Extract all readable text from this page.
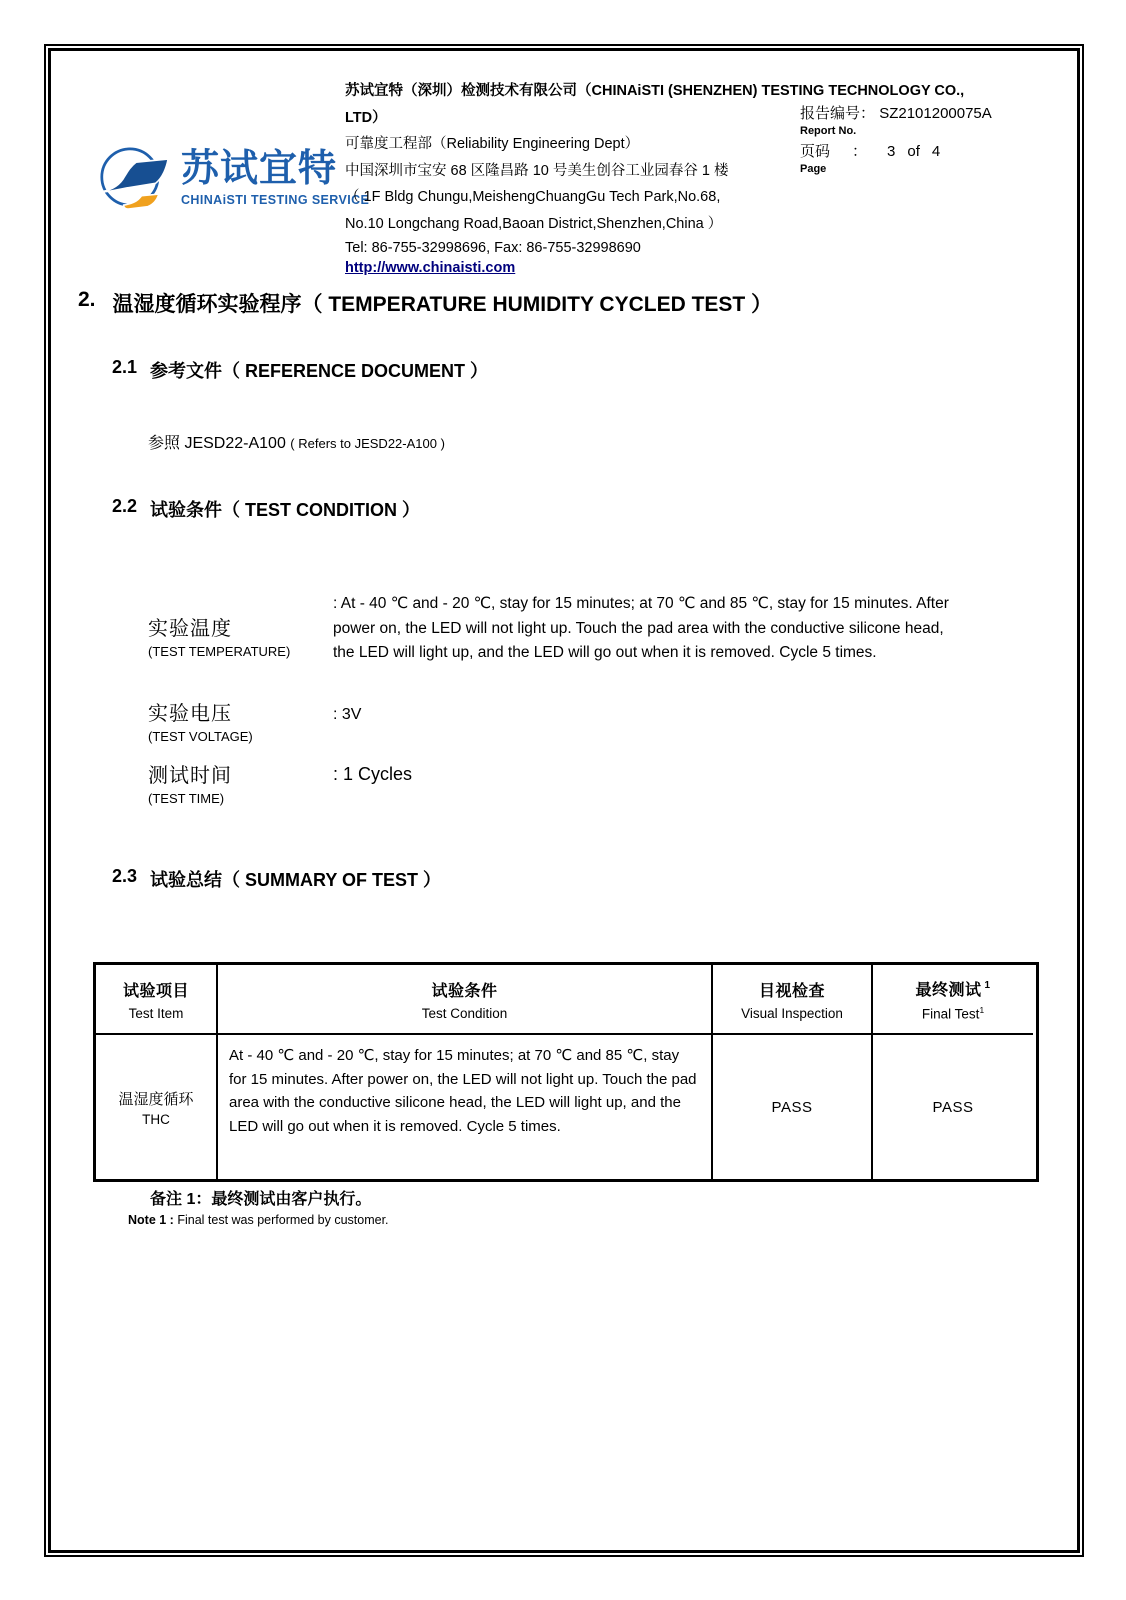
苏试宜特
CHINAiSTI TESTING SERVICE
苏试宜特（深圳）检测技术有限公司（CHINAiSTI (SHENZHEN) TESTING TECHNOLOGY CO.,
LTD）
可靠度工程部（Reliability Engineering Dept）
中国深圳市宝安 68 区隆昌路 10 号美生创谷工业园春谷 1 楼
（ 1F Bldg Chungu,MeishengChuangGu Tech Park,No.68,
No.10 Longchang Road,Baoan District,Shenzhen,China ）
Tel: 86-755-32998696, Fax: 86-755-32998690
http://www.chinaisti.com
报告编号： SZ2101200075A
Report No.
页码 ： 3 of 4
Page
2. 温湿度循环实验程序（ TEMPERATURE HUMIDITY CYCLED TEST ）
2.1 参考文件（ REFERENCE DOCUMENT ）
参照 JESD22-A100 ( Refers to JESD22-A100 )
2.2 试验条件（ TEST CONDITION ）
实验温度
(TEST TEMPERATURE)
: At - 40 ℃ and - 20 ℃, stay for 15 minutes; at 70 ℃ and 85 ℃, stay for 15 minutes. After power on, the LED will not light up. Touch the pad area with the conductive silicone head, the LED will light up, and the LED will go out when it is removed. Cycle 5 times.
实验电压
(TEST VOLTAGE)
: 3V
测试时间
(TEST TIME)
: 1 Cycles
2.3 试验总结（ SUMMARY OF TEST ）
试验项目
Test Item
试验条件
Test Condition
目视检查
Visual Inspection
最终测试 $^1$
Final Test$^1$
温湿度循环
THC
At - 40 ℃ and - 20 ℃, stay for 15 minutes; at 70 ℃ and 85 ℃, stay for 15 minutes. After power on, the LED will not light up. Touch the pad area with the conductive silicone head, the LED will light up, and the LED will go out when it is removed. Cycle 5 times.
PASS	PASS
备注 1：最终测试由客户执行。
Note 1 : Final test was performed by customer.
